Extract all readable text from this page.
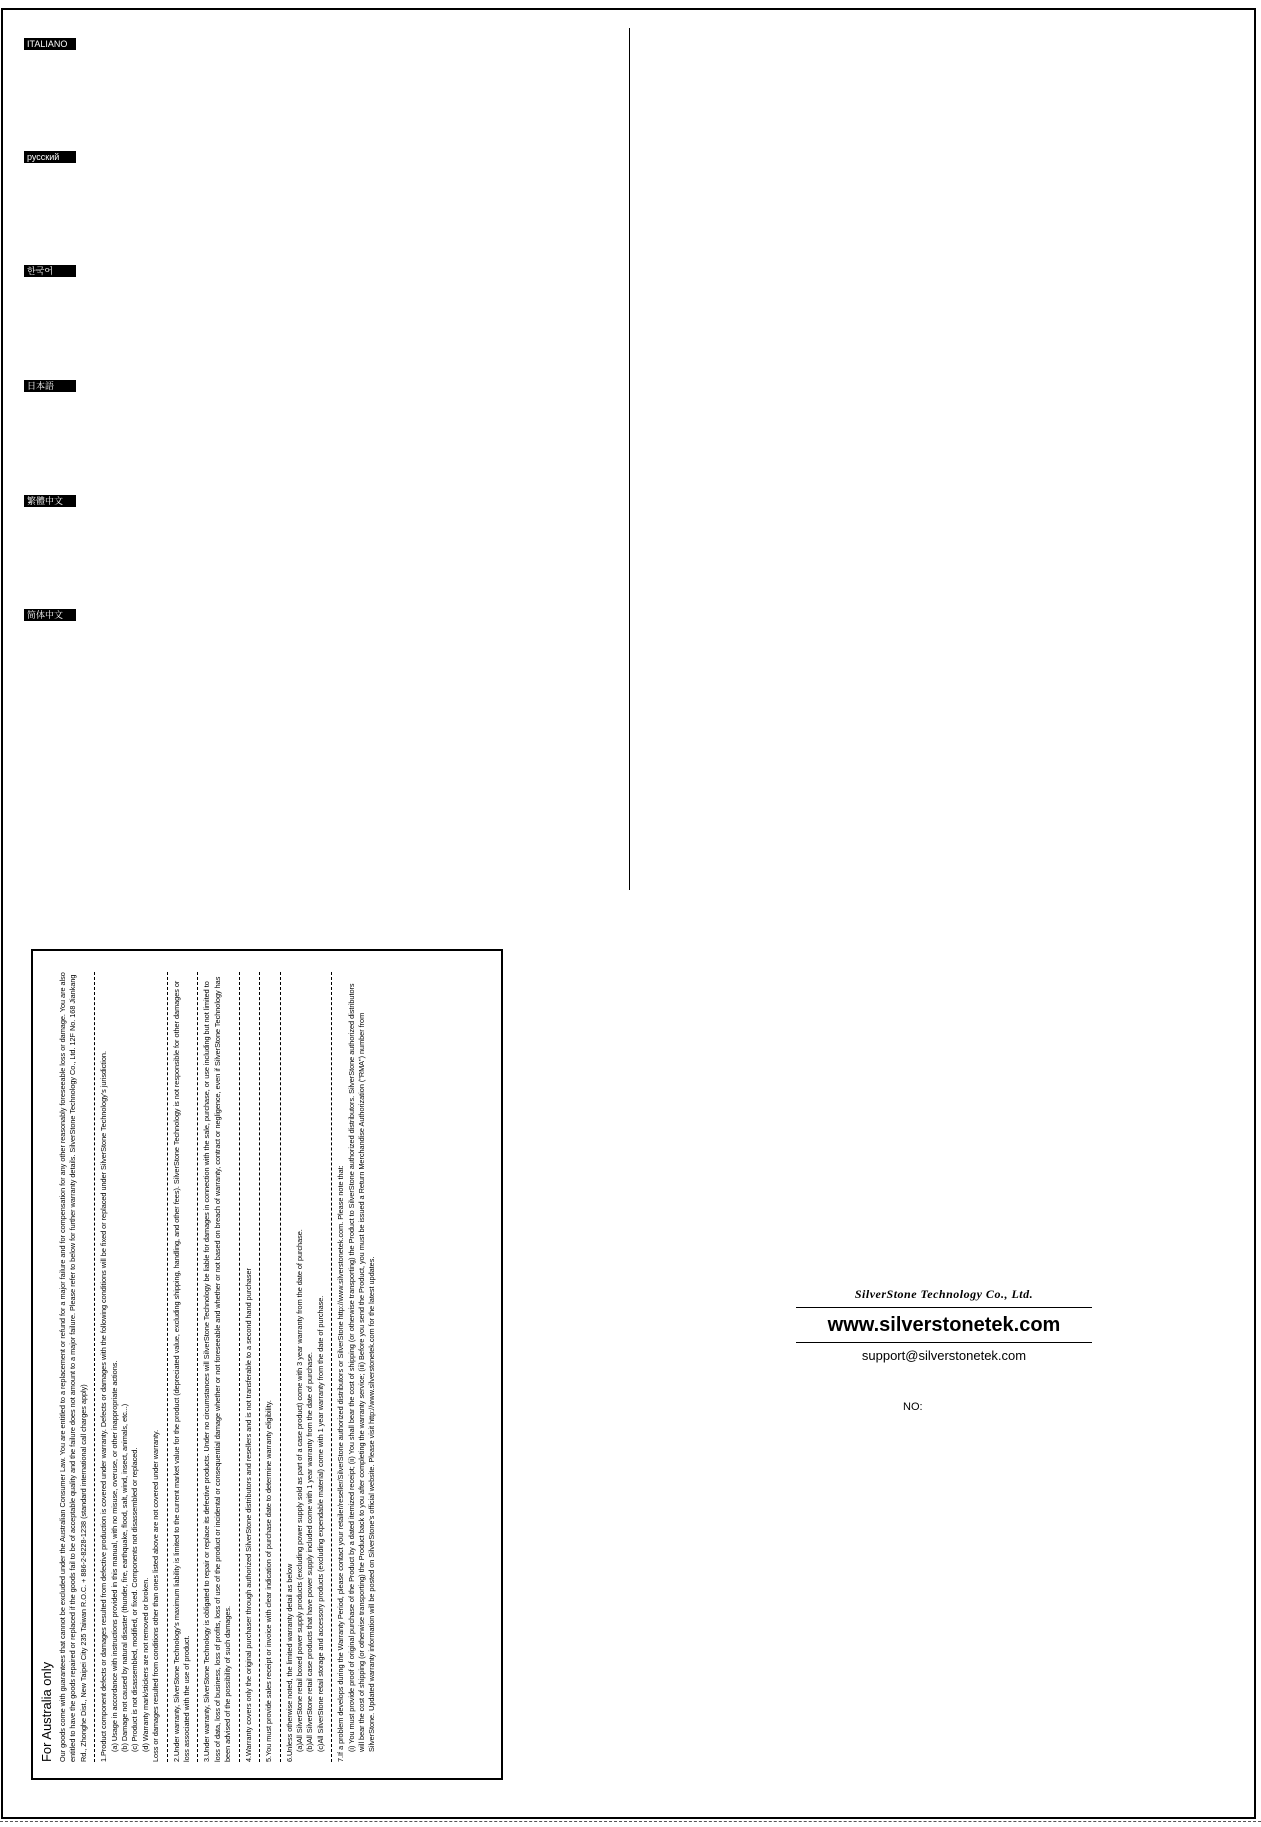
ITALIANO
русский
한국어
日本語
繁體中文
简体中文
For Australia only Our goods come with guarantees that cannot be excluded under the Australian Consumer Law. You are entitled to a replacement or refund for a major failure and for compensation for any other reasonably foreseeable loss or damage. You are also entitled to have the goods repaired or replaced if the goods fail to be of acceptable quality and the failure does not amount to a major failure. Please refer to below for further warranty details. SilverStone Technology Co., Ltd. 12F No. 168 Jiankang Rd., Zhonghe Dist., New Taipei City 235 Taiwan R.O.C. + 886-2-8228-1238 (standard international call charges apply) 1.Product component defects or damages resulted from defective production is covered under warranty. Defects or damages with the following conditions will be fixed or replaced under SilverStone Technology's jurisdiction. (a) Usage in accordance with instructions provided in this manual, with no misuse, overuse, or other inappropriate actions. (b) Damage not caused by natural disaster (thunder, fire, earthquake, flood, salt, wind, insect, animals, etc...) (c) Product is not disassembled, modified, or fixed. Components not disassembled or replaced. (d) Warranty mark/stickers are not removed or broken. Loss or damages resulted from conditions other than ones listed above are not covered under warranty. 2.Under warranty, SilverStone Technology's maximum liability is limited to the current market value for the product (depreciated value, excluding shipping, handling, and other fees). SilverStone Technology is not responsible for other damages or loss associated with the use of product. 3.Under warranty, SilverStone Technology is obligated to repair or replace its defective products. Under no circumstances will SilverStone Technology be liable for damages in connection with the sale, purchase, or use including but not limited to loss of data, loss of business, loss of profits, loss of use of the product or incidental or consequential damage whether or not foreseeable and whether or not based on breach of warranty, contract or negligence, even if SilverStone Technology has been advised of the possibility of such damages. 4.Warranty covers only the original purchaser through authorized SilverStone distributors and resellers and is not transferable to a second hand purchaser 5.You must provide sales receipt or invoice with clear indication of purchase date to determine warranty eligibility. 6.Unless otherwise noted, the limited warranty detail as below (a)All SilverStone retail boxed power supply products (excluding power supply sold as part of a case product) come with 3 year warranty from the date of purchase. (b)All SilverStone retail case products that have power supply included come with 1 year warranty from the date of purchase. (c)All SilverStone retail storage and accessory products (excluding expendable material) come with 1 year warranty from the date of purchase. 7.If a problem develops during the Warranty Period, please contact your retailer/reseller/SilverStone authorized distributors or SilverStone http://www.silverstonetek.com. Please note that: (i) You must provide proof of original purchase of the Product by a dated itemized receipt; (ii) You shall bear the cost of shipping (or otherwise transporting) the Product to SilverStone authorized distributors. SilverStone authorized distributors will bear the cost of shipping (or otherwise transporting) the Product back to you after completing the warranty service; (iii) Before you send the Product, you must be issued a Return Merchandise Authorization ("RMA") number from SilverStone. Updated warranty information will be posted on SilverStone's official website. Please visit http://www.silverstonetek.com for the latest updates.	SilverStone Technology Co., Ltd.
www.silverstonetek.com
support@silverstonetek.com
NO:
